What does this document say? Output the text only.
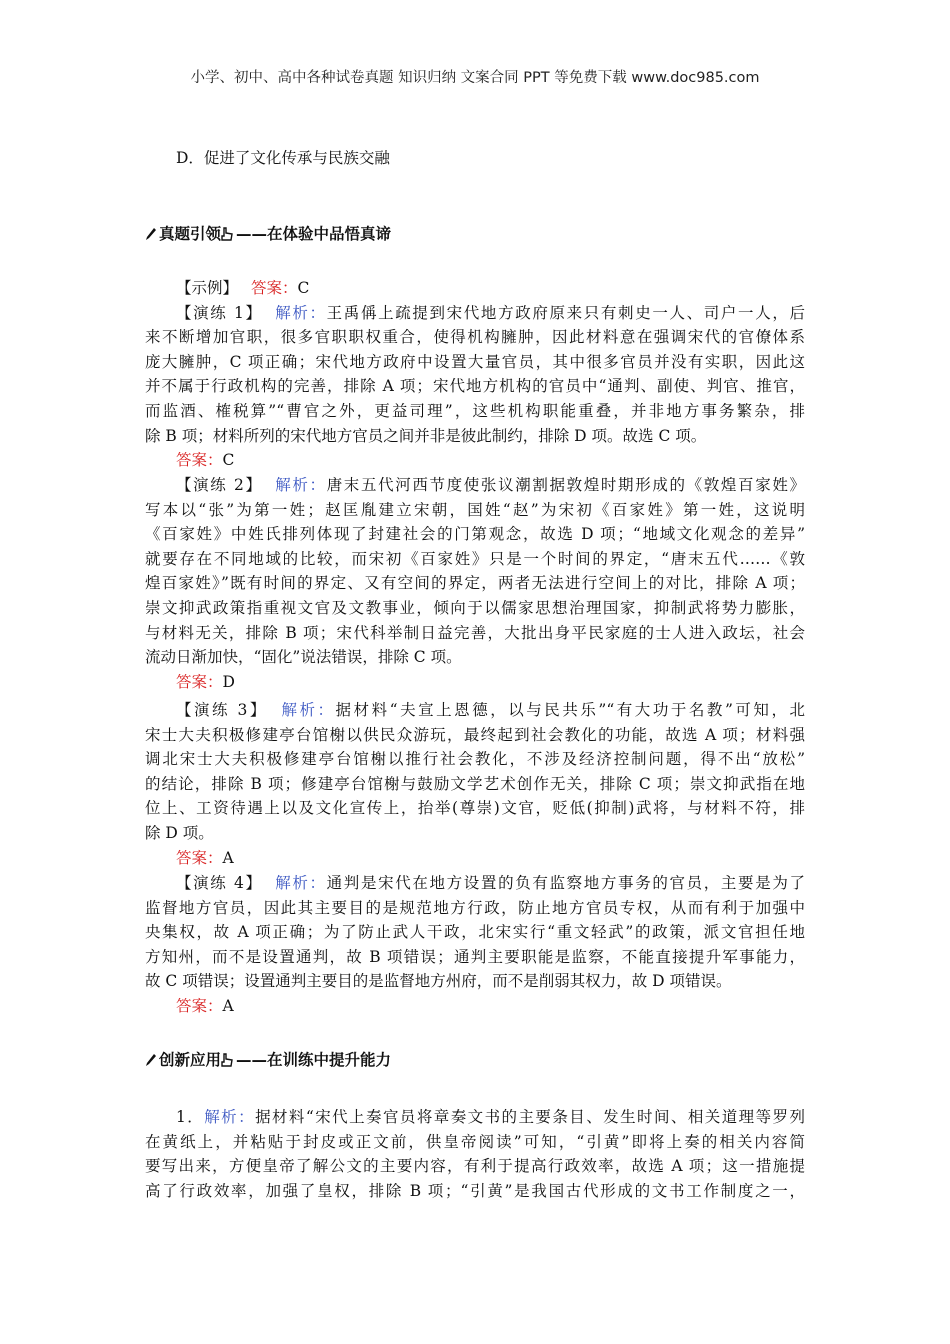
小学、初中、高中各种试卷真题 知识归纳 文案合同 PPT 等免费下载 www.doc985.com
D．促进了文化传承与民族交融
真题引领 ——在体验中品悟真谛
【示例】 答案：C
【演练 1】 解析：王禹偁上疏提到宋代地方政府原来只有刺史一人、司户一人，后
来不断增加官职，很多官职职权重合，使得机构臃肿，因此材料意在强调宋代的官僚体系
庞大臃肿，C 项正确；宋代地方政府中设置大量官员，其中很多官员并没有实职，因此这
并不属于行政机构的完善，排除 A 项；宋代地方机构的官员中“通判、副使、判官、推官，
而监酒、榷税算”“曹官之外，更益司理”，这些机构职能重叠，并非地方事务繁杂，排
除 B 项；材料所列的宋代地方官员之间并非是彼此制约，排除 D 项。故选 C 项。
答案：C
【演练 2】 解析：唐末五代河西节度使张议潮割据敦煌时期形成的《敦煌百家姓》
写本以“张”为第一姓；赵匡胤建立宋朝，国姓“赵”为宋初《百家姓》第一姓，这说明
《百家姓》中姓氏排列体现了封建社会的门第观念，故选 D 项；“地域文化观念的差异”
就要存在不同地域的比较，而宋初《百家姓》只是一个时间的界定，“唐末五代……《敦
煌百家姓》”既有时间的界定、又有空间的界定，两者无法进行空间上的对比，排除 A 项；
崇文抑武政策指重视文官及文教事业，倾向于以儒家思想治理国家，抑制武将势力膨胀，
与材料无关，排除 B 项；宋代科举制日益完善，大批出身平民家庭的士人进入政坛，社会
流动日渐加快，“固化”说法错误，排除 C 项。
答案：D
【演练 3】 解析：据材料“夫宣上恩德，以与民共乐”“有大功于名教”可知，北
宋士大夫积极修建亭台馆榭以供民众游玩，最终起到社会教化的功能，故选 A 项；材料强
调北宋士大夫积极修建亭台馆榭以推行社会教化，不涉及经济控制问题，得不出“放松”
的结论，排除 B 项；修建亭台馆榭与鼓励文学艺术创作无关，排除 C 项；崇文抑武指在地
位上、工资待遇上以及文化宣传上，抬举(尊崇)文官，贬低(抑制)武将，与材料不符，排
除 D 项。
答案：A
【演练 4】 解析：通判是宋代在地方设置的负有监察地方事务的官员，主要是为了
监督地方官员，因此其主要目的是规范地方行政，防止地方官员专权，从而有利于加强中
央集权，故 A 项正确；为了防止武人干政，北宋实行“重文轻武”的政策，派文官担任地
方知州，而不是设置通判，故 B 项错误；通判主要职能是监察，不能直接提升军事能力，
故 C 项错误；设置通判主要目的是监督地方州府，而不是削弱其权力，故 D 项错误。
答案：A
创新应用 ——在训练中提升能力
1．解析：据材料“宋代上奏官员将章奏文书的主要条目、发生时间、相关道理等罗列
在黄纸上，并粘贴于封皮或正文前，供皇帝阅读”可知，“引黄”即将上奏的相关内容简
要写出来，方便皇帝了解公文的主要内容，有利于提高行政效率，故选 A 项；这一措施提
高了行政效率，加强了皇权，排除 B 项；“引黄”是我国古代形成的文书工作制度之一，
